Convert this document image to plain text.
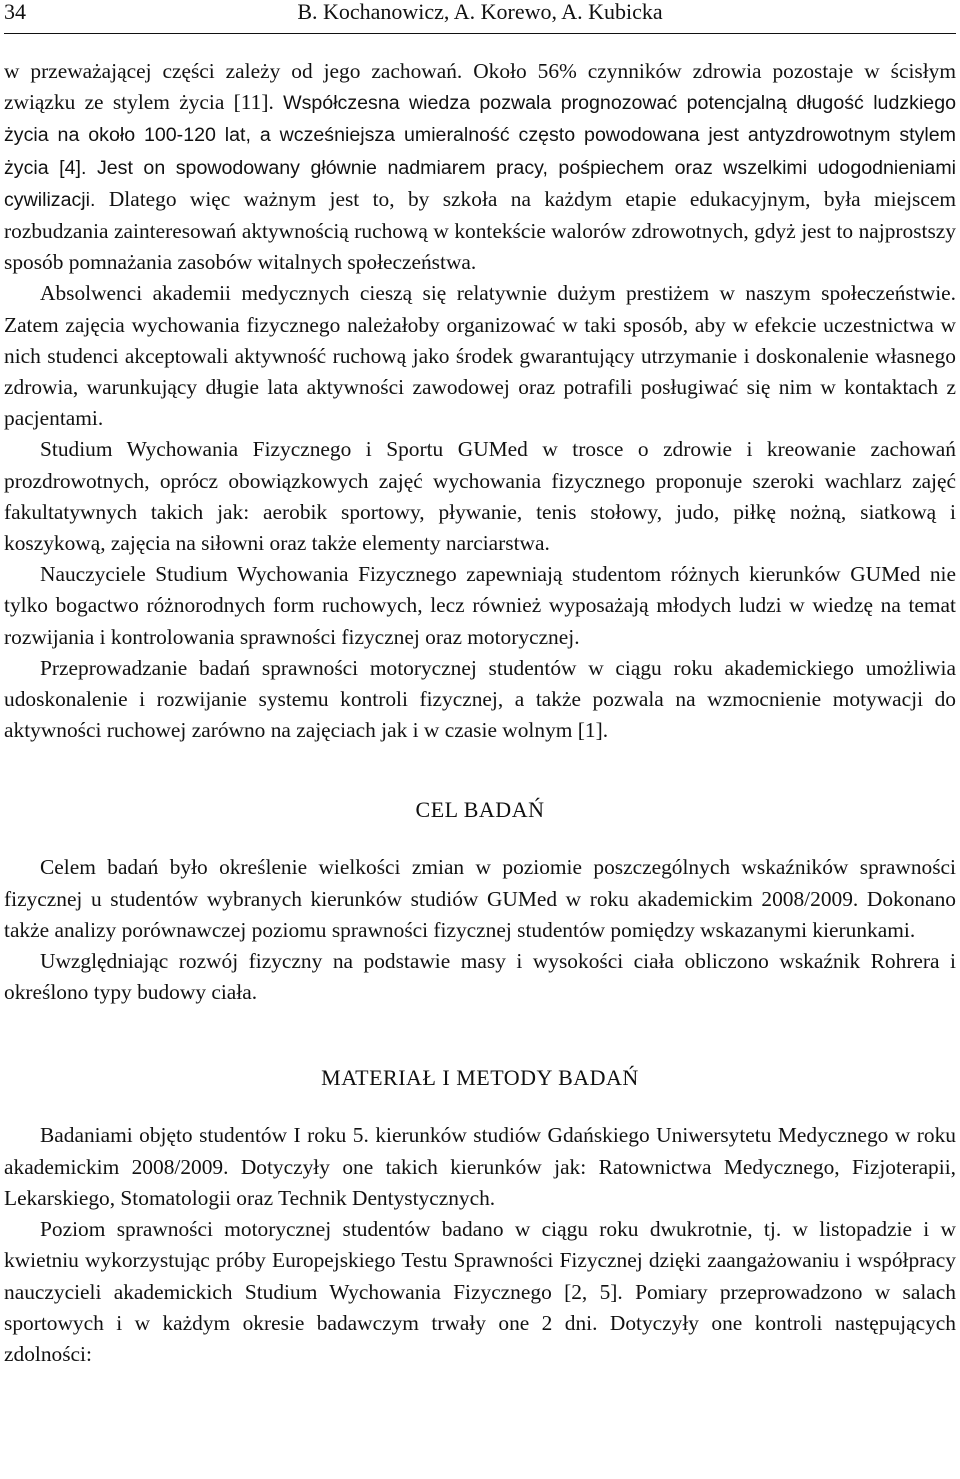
34	B. Kochanowicz, A. Korewo, A. Kubicka

w przeważającej części zależy od jego zachowań. Około 56% czynników zdrowia pozostaje w ścisłym związku ze stylem życia [11]. Współczesna wiedza pozwala prognozować potencjalną długość ludzkiego życia na około 100-120 lat, a wcześniejsza umieralność często powodowana jest antyzdrowotnym stylem życia [4]. Jest on spowodowany głównie nadmiarem pracy, pośpiechem oraz wszelkimi udogodnieniami cywilizacji. Dlatego więc ważnym jest to, by szkoła na każdym etapie edukacyjnym, była miejscem rozbudzania zainteresowań aktywnością ruchową w kontekście walorów zdrowotnych, gdyż jest to najprostszy sposób pomnażania zasobów witalnych społeczeństwa.

Absolwenci akademii medycznych cieszą się relatywnie dużym prestiżem w naszym społeczeństwie. Zatem zajęcia wychowania fizycznego należałoby organizować w taki sposób, aby w efekcie uczestnictwa w nich studenci akceptowali aktywność ruchową jako środek gwarantujący utrzymanie i doskonalenie własnego zdrowia, warunkujący długie lata aktywności zawodowej oraz potrafili posługiwać się nim w kontaktach z pacjentami.

Studium Wychowania Fizycznego i Sportu GUMed w trosce o zdrowie i kreowanie zachowań prozdrowotnych, oprócz obowiązkowych zajęć wychowania fizycznego proponuje szeroki wachlarz zajęć fakultatywnych takich jak: aerobik sportowy, pływanie, tenis stołowy, judo, piłkę nożną, siatkową i koszykową, zajęcia na siłowni oraz także elementy narciarstwa.

Nauczyciele Studium Wychowania Fizycznego zapewniają studentom różnych kierunków GUMed nie tylko bogactwo różnorodnych form ruchowych, lecz również wyposażają młodych ludzi w wiedzę na temat rozwijania i kontrolowania sprawności fizycznej oraz motorycznej.

Przeprowadzanie badań sprawności motorycznej studentów w ciągu roku akademickiego umożliwia udoskonalenie i rozwijanie systemu kontroli fizycznej, a także pozwala na wzmocnienie motywacji do aktywności ruchowej zarówno na zajęciach jak i w czasie wolnym [1].

CEL BADAŃ

Celem badań było określenie wielkości zmian w poziomie poszczególnych wskaźników sprawności fizycznej u studentów wybranych kierunków studiów GUMed w roku akademickim 2008/2009. Dokonano także analizy porównawczej poziomu sprawności fizycznej studentów pomiędzy wskazanymi kierunkami.

Uwzględniając rozwój fizyczny na podstawie masy i wysokości ciała obliczono wskaźnik Rohrera i określono typy budowy ciała.

MATERIAŁ I METODY BADAŃ

Badaniami objęto studentów I roku 5. kierunków studiów Gdańskiego Uniwersytetu Medycznego w roku akademickim 2008/2009. Dotyczyły one takich kierunków jak: Ratownictwa Medycznego, Fizjoterapii, Lekarskiego, Stomatologii oraz Technik Dentystycznych.

Poziom sprawności motorycznej studentów badano w ciągu roku dwukrotnie, tj. w listopadzie i w kwietniu wykorzystując próby Europejskiego Testu Sprawności Fizycznej dzięki zaangażowaniu i współpracy nauczycieli akademickich Studium Wychowania Fizycznego [2, 5]. Pomiary przeprowadzono w salach sportowych i w każdym okresie badawczym trwały one 2 dni. Dotyczyły one kontroli następujących zdolności:
